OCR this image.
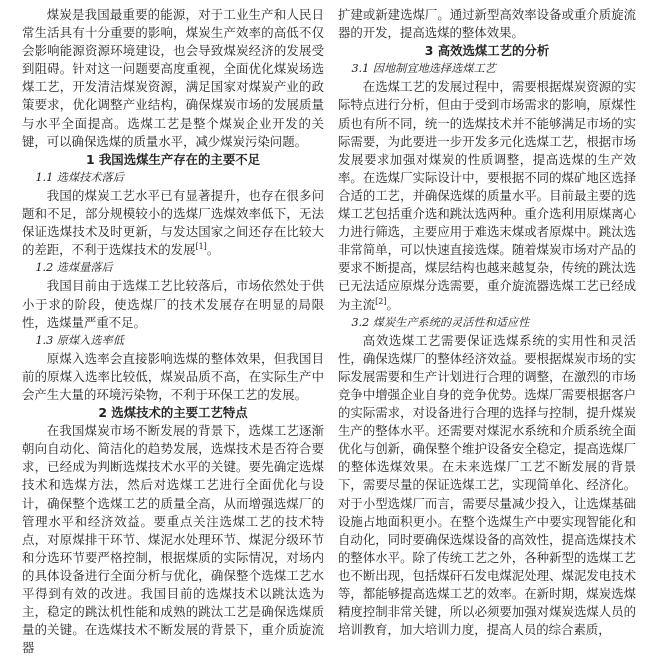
煤炭是我国最重要的能源，对于工业生产和人民日常生活具有十分重要的影响，煤炭生产效率的高低不仅会影响能源资源环境建设，也会导致煤炭经济的发展受到阻碍。针对这一问题要高度重视，全面优化煤炭场选煤工艺，开发清洁煤炭资源，满足国家对煤炭产业的政策要求，优化调整产业结构，确保煤炭市场的发展质量与水平全面提高。选煤工艺是整个煤炭企业开发的关键，可以确保选煤的质量水平，减少煤炭污染问题。

1 我国选煤生产存在的主要不足
1.1 选煤技术落后

我国的煤炭工艺水平已有显著提升，也存在很多问题和不足，部分规模较小的选煤厂选煤效率低下，无法保证选煤技术及时更新，与发达国家之间还存在比较大的差距，不利于选煤技术的发展[1]。

1.2 选煤量落后

我国目前由于选煤工艺比较落后，市场依然处于供小于求的阶段，使选煤厂的技术发展存在明显的局限性，选煤量严重不足。

1.3 原煤入选率低

原煤入选率会直接影响选煤的整体效果，但我国目前的原煤入选率比较低，煤炭品质不高，在实际生产中会产生大量的环境污染物，不利于环保工艺的发展。

2 选煤技术的主要工艺特点

在我国煤炭市场不断发展的背景下，选煤工艺逐渐朝向自动化、简洁化的趋势发展，选煤技术是否符合要求，已经成为判断选煤技术水平的关键。要先确定选煤技术和选煤方法，然后对选煤工艺进行全面优化与设计，确保整个选煤工艺的质量全高，从而增强选煤厂的管理水平和经济效益。要重点关注选煤工艺的技术特点，对原煤排干环节、煤泥水处理环节、煤泥分级环节和分选环节要严格控制，根据煤质的实际情况，对场内的具体设备进行全面分析与优化，确保整个选煤工艺水平得到有效的改进。我国目前的选煤技术以跳汰选为主，稳定的跳汰机性能和成熟的跳汰工艺是确保选煤质量的关键。在选煤技术不断发展的背景下，重介质旋流器

扩建或新建选煤厂。通过新型高效率设备或重介质旋流器的开发，提高选煤的整体效果。

3 高效选煤工艺的分析
3.1 因地制宜地选择选煤工艺

在选煤工艺的发展过程中，需要根据煤炭资源的实际特点进行分析，但由于受到市场需求的影响，原煤性质也有所不同，统一的选煤技术并不能够满足市场的实际需要，为此要进一步开发多元化选煤工艺，根据市场发展要求加强对煤炭的性质调整，提高选煤的生产效率。在选煤厂实际设计中，要根据不同的煤矿地区选择合适的工艺，并确保选煤的质量水平。目前最主要的选煤工艺包括重介选和跳汰选两种。重介选利用原煤离心力进行筛选，主要应用于难选末煤或者原煤中。跳汰选非常简单，可以快速直接选煤。随着煤炭市场对产品的要求不断提高，煤层结构也越来越复杂，传统的跳汰选已无法适应原煤分选需要，重介旋流器选煤工艺已经成为主流[2]。

3.2 煤炭生产系统的灵活性和适应性

高效选煤工艺需要保证选煤系统的实用性和灵活性，确保选煤厂的整体经济效益。要根据煤炭市场的实际发展需要和生产计划进行合理的调整，在激烈的市场竞争中增强企业自身的竞争优势。选煤厂需要根据客户的实际需求，对设备进行合理的选择与控制，提升煤炭生产的整体水平。还需要对煤泥水系统和介质系统全面优化与创新，确保整个维护设备安全稳定，提高选煤厂的整体选煤效果。在未来选煤厂工艺不断发展的背景下，需要尽量的保证选煤工艺，实现简单化、经济化。对于小型选煤厂而言，需要尽量减少投入，让选煤基础设施占地面积更小。在整个选煤生产中要实现智能化和自动化，同时要确保选煤设备的高效性，提高选煤技术的整体水平。除了传统工艺之外，各种新型的选煤工艺也不断出现，包括煤矸石发电煤泥处理、煤泥发电技术等，都能够提高选煤工艺的效率。在新时期，煤炭选煤精度控制非常关键，所以必须要加强对煤炭选煤人员的培训教育，加大培训力度，提高人员的综合素质，
